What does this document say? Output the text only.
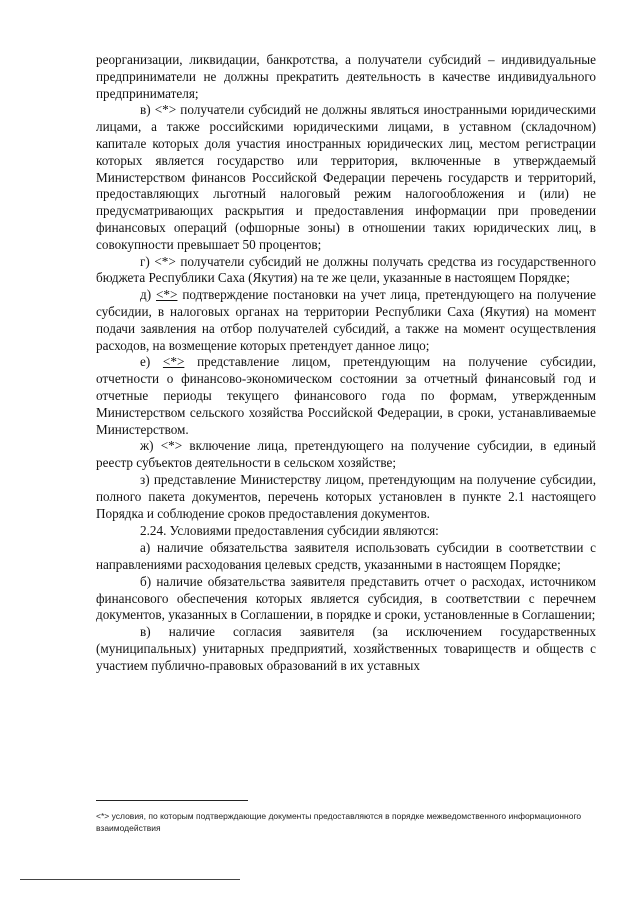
реорганизации, ликвидации, банкротства, а получатели субсидий – индивидуальные предприниматели не должны прекратить деятельность в качестве индивидуального предпринимателя;

в) <*> получатели субсидий не должны являться иностранными юридическими лицами, а также российскими юридическими лицами, в уставном (складочном) капитале которых доля участия иностранных юридических лиц, местом регистрации которых является государство или территория, включенные в утверждаемый Министерством финансов Российской Федерации перечень государств и территорий, предоставляющих льготный налоговый режим налогообложения и (или) не предусматривающих раскрытия и предоставления информации при проведении финансовых операций (офшорные зоны) в отношении таких юридических лиц, в совокупности превышает 50 процентов;

г) <*> получатели субсидий не должны получать средства из государственного бюджета Республики Саха (Якутия) на те же цели, указанные в настоящем Порядке;

д) <*> подтверждение постановки на учет лица, претендующего на получение субсидии, в налоговых органах на территории Республики Саха (Якутия) на момент подачи заявления на отбор получателей субсидий, а также на момент осуществления расходов, на возмещение которых претендует данное лицо;

е) <*> представление лицом, претендующим на получение субсидии, отчетности о финансово-экономическом состоянии за отчетный финансовый год и отчетные периоды текущего финансового года по формам, утвержденным Министерством сельского хозяйства Российской Федерации, в сроки, устанавливаемые Министерством.

ж) <*> включение лица, претендующего на получение субсидии, в единый реестр субъектов деятельности в сельском хозяйстве;

з) представление Министерству лицом, претендующим на получение субсидии, полного пакета документов, перечень которых установлен в пункте 2.1 настоящего Порядка и соблюдение сроков предоставления документов.

2.24. Условиями предоставления субсидии являются:

а) наличие обязательства заявителя использовать субсидии в соответствии с направлениями расходования целевых средств, указанными в настоящем Порядке;

б) наличие обязательства заявителя представить отчет о расходах, источником финансового обеспечения которых является субсидия, в соответствии с перечнем документов, указанных в Соглашении, в порядке и сроки, установленные в Соглашении;

в) наличие согласия заявителя (за исключением государственных (муниципальных) унитарных предприятий, хозяйственных товариществ и обществ с участием публично-правовых образований в их уставных

<*> условия, по которым подтверждающие документы предоставляются в порядке межведомственного информационного взаимодействия
